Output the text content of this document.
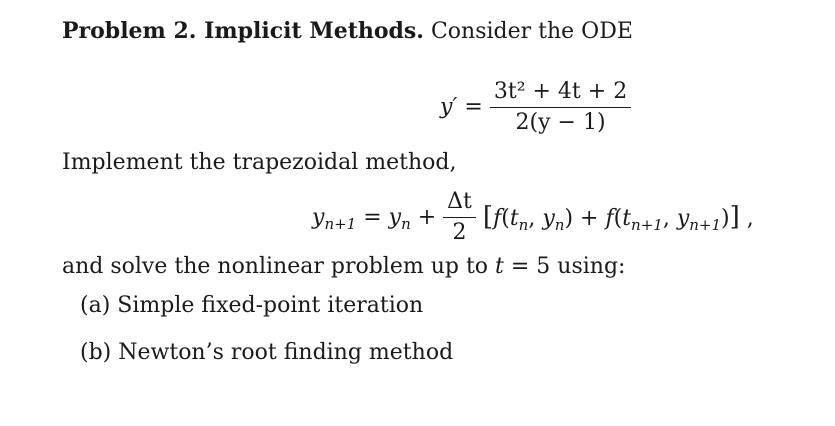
Problem 2. Implicit Methods. Consider the ODE
$y' = \frac{\text{3t² + 4t + 2}}{2(y - 1)}$
Implement the trapezoidal method,
$y_{n+1} = y_n + \frac{\Delta t}{2} [f(t_n$, $y_n) + f(t_{n+1}$, $y_{n+1}$)] ,
and solve the nonlinear problem up to t = 5 using:
(a) Simple fixed-point iteration
(b) Newton’s root finding method
